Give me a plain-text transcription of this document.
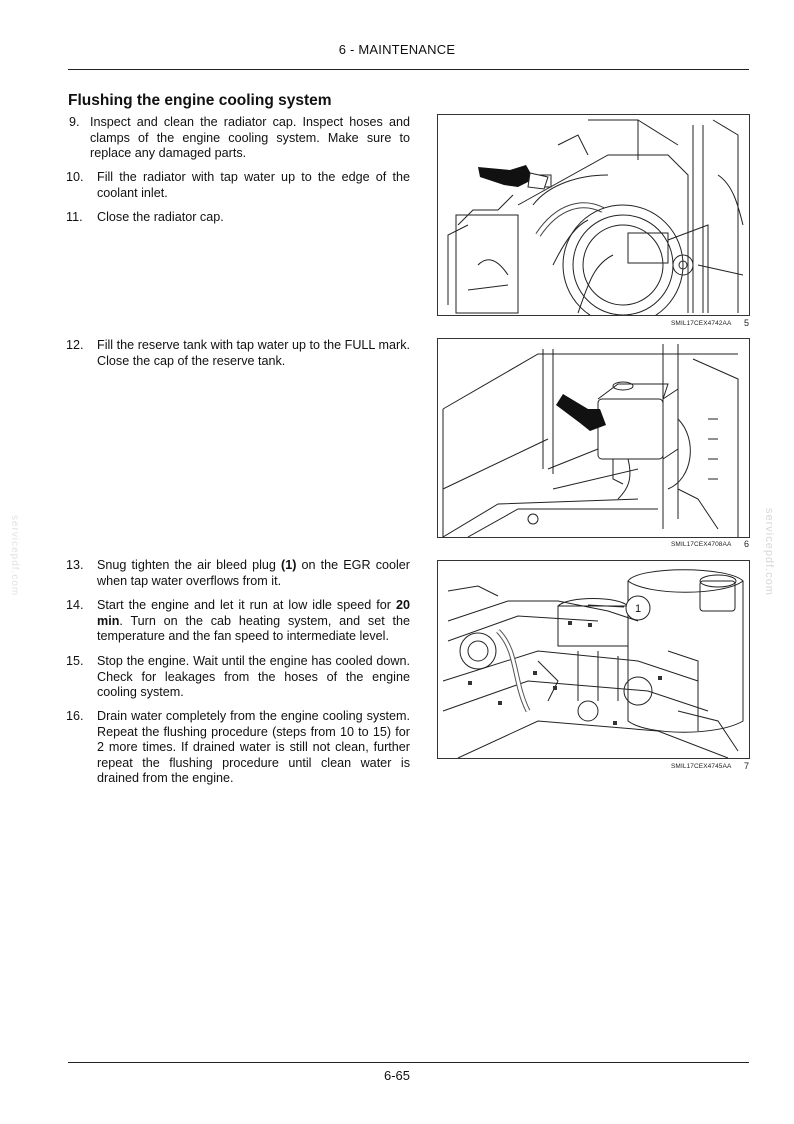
6 - MAINTENANCE
Flushing the engine cooling system
9. Inspect and clean the radiator cap. Inspect hoses and clamps of the engine cooling system. Make sure to replace any damaged parts.
10. Fill the radiator with tap water up to the edge of the coolant inlet.
11. Close the radiator cap.
12. Fill the reserve tank with tap water up to the FULL mark. Close the cap of the reserve tank.
13. Snug tighten the air bleed plug (1) on the EGR cooler when tap water overflows from it.
14. Start the engine and let it run at low idle speed for 20 min. Turn on the cab heating system, and set the temperature and the fan speed to intermediate level.
15. Stop the engine. Wait until the engine has cooled down. Check for leakages from the hoses of the engine cooling system.
16. Drain water completely from the engine cooling system. Repeat the flushing procedure (steps from 10 to 15) for 2 more times. If drained water is still not clean, further repeat the flushing procedure until clean water is drained from the engine.
SMIL17CEX4742AA 5
SMIL17CEX4708AA 6
1
SMIL17CEX4745AA 7
servicepdf.com	servicepdf.com
6-65
